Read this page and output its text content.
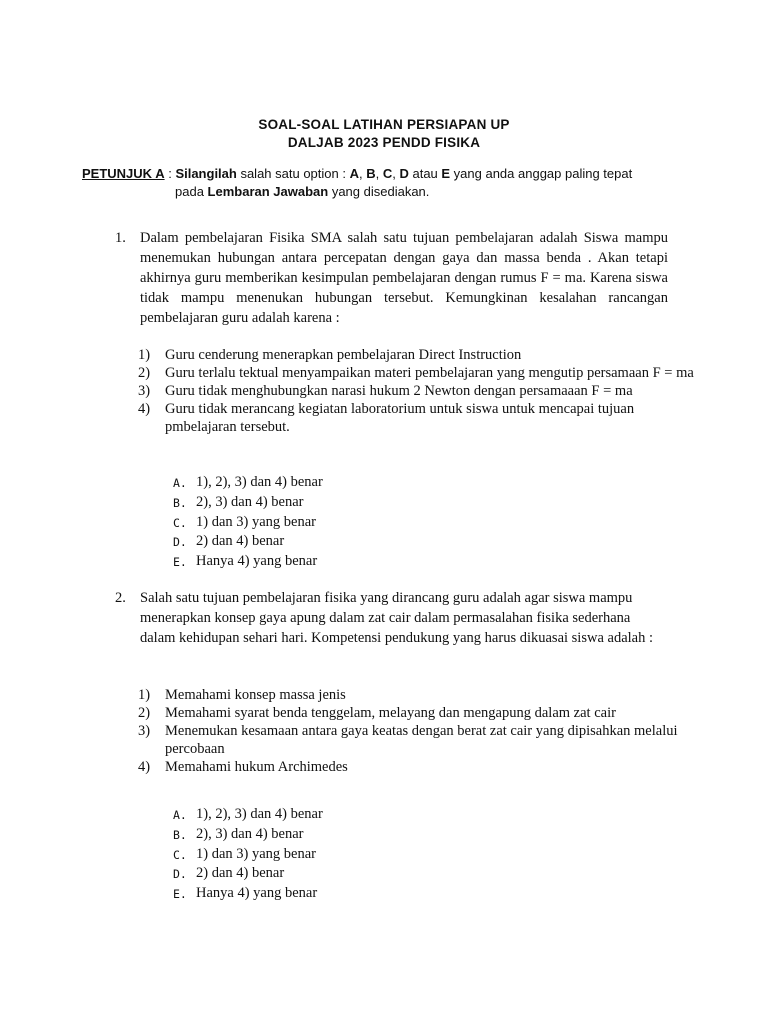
SOAL-SOAL LATIHAN PERSIAPAN UP
DALJAB 2023 PENDD FISIKA
PETUNJUK A : Silangilah salah satu option : A, B, C, D atau E yang anda anggap paling tepat
pada Lembaran Jawaban yang disediakan.
1. Dalam pembelajaran Fisika SMA salah satu tujuan pembelajaran adalah Siswa mampu menemukan hubungan antara percepatan dengan gaya dan massa benda . Akan tetapi akhirnya guru memberikan kesimpulan pembelajaran dengan rumus F = ma. Karena siswa tidak mampu menenukan hubungan tersebut. Kemungkinan kesalahan rancangan pembelajaran guru adalah karena :
1) Guru cenderung menerapkan pembelajaran Direct Instruction
2) Guru terlalu tektual menyampaikan materi pembelajaran yang mengutip persamaan F = ma
3) Guru tidak menghubungkan narasi hukum 2 Newton dengan persamaaan F = ma
4) Guru tidak merancang kegiatan laboratorium untuk siswa untuk mencapai tujuan pmbelajaran tersebut.
A. 1), 2), 3) dan 4) benar
B. 2), 3) dan 4) benar
C. 1) dan 3) yang benar
D. 2) dan 4) benar
E. Hanya 4) yang benar
2. Salah satu tujuan pembelajaran fisika yang dirancang guru adalah agar siswa mampu menerapkan konsep gaya apung dalam zat cair dalam permasalahan fisika sederhana dalam kehidupan sehari hari. Kompetensi pendukung yang harus dikuasai siswa adalah :
1) Memahami konsep massa jenis
2) Memahami syarat benda tenggelam, melayang dan mengapung dalam zat cair
3) Menemukan kesamaan antara gaya keatas dengan berat zat cair yang dipisahkan melalui percobaan
4) Memahami hukum Archimedes
A. 1), 2), 3) dan 4) benar
B. 2), 3) dan 4) benar
C. 1) dan 3) yang benar
D. 2) dan 4) benar
E. Hanya 4) yang benar
